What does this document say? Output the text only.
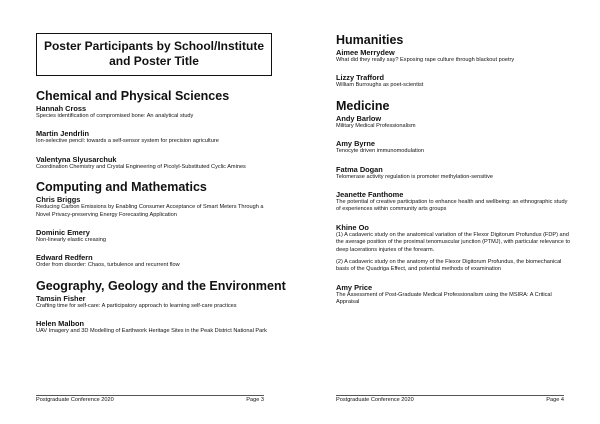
Poster Participants by School/Institute
and Poster Title
Chemical and Physical Sciences
Hannah Cross
Species identification of compromised bone: An analytical study
Martin Jendrlin
Ion-selective pencil: towards a self-sensor system for precision agriculture
Valentyna Slyusarchuk
Coordination Chemistry and Crystal Engineering of Picolyl-Substituted Cyclic Amines
Computing and Mathematics
Chris Briggs
Reducing Carbon Emissions by Enabling Consumer Acceptance of Smart Meters Through a Novel Privacy-preserving Energy Forecasting Application
Dominic Emery
Non-linearly elastic creasing
Edward Redfern
Order from disorder: Chaos, turbulence and recurrent flow
Geography, Geology and the Environment
Tamsin Fisher
Crafting time for self-care: A participatory approach to learning self-care practices
Helen Malbon
UAV Imagery and 3D Modelling of Earthwork Heritage Sites in the Peak District National Park
Postgraduate Conference 2020	Page 3
Humanities
Aimee Merrydew
What did they really say? Exposing rape culture through blackout poetry
Lizzy Trafford
William Burroughs as poet-scientist
Medicine
Andy Barlow
Military Medical Professionalism
Amy Byrne
Tenocyte driven immunomodulation
Fatma Dogan
Telomerase activity regulation is promoter methylation-sensitive
Jeanette Fanthome
The potential of creative participation to enhance health and wellbeing: an ethnographic study of experiences within community arts groups
Khine Oo
(1) A cadaveric study on the anatomical variation of the Flexor Digitorum Profundus (FDP) and the average position of the proximal tenomuscular junction (PTMJ), with particular relevance to deep lacerations injuries of the forearm.
(2) A cadaveric study on the anatomy of the Flexor Digitorum Profundus, the biomechanical basis of the Quadriga Effect, and potential methods of examination
Amy Price
The Assessment of Post-Graduate Medical Professionalism using the MSIRA: A Critical Appraisal
Postgraduate Conference 2020	Page 4
